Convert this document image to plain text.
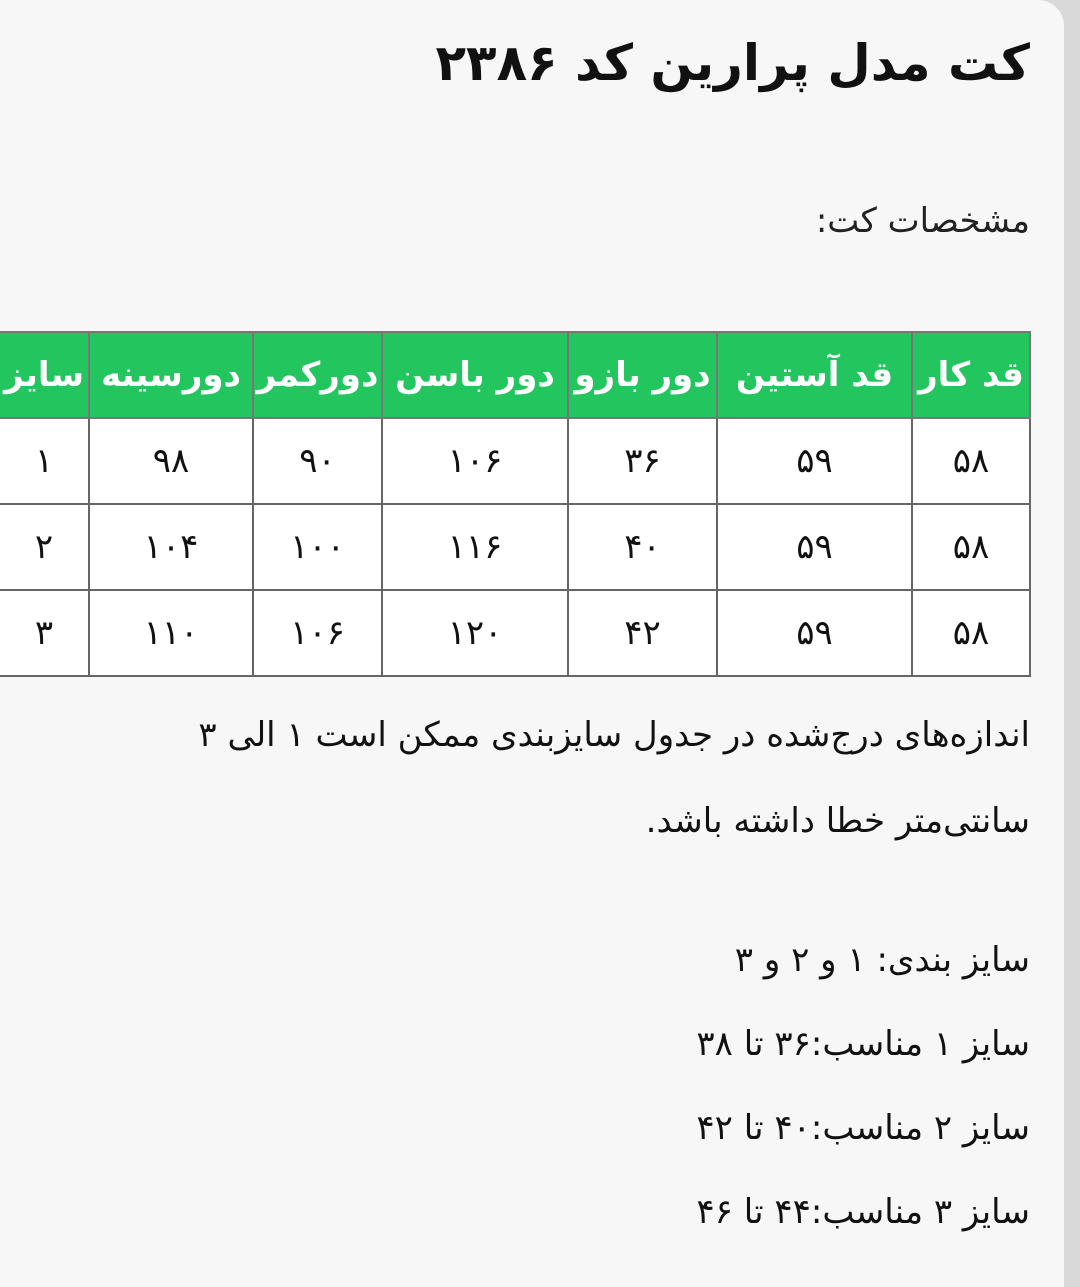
کت مدل پرارین کد ۲۳۸۶

مشخصات کت:

قد کار	قد آستین	دور بازو	دور باسن	دورکمر	دورسینه	سایز
۵۸	۵۹	۳۶	۱۰۶	۹۰	۹۸	۱
۵۸	۵۹	۴۰	۱۱۶	۱۰۰	۱۰۴	۲
۵۸	۵۹	۴۲	۱۲۰	۱۰۶	۱۱۰	۳

اندازه‌های درج‌شده در جدول سایزبندی ممکن است ۱ الی ۳
سانتی‌متر خطا داشته باشد.

سایز بندی: ۱ و ۲ و ۳
سایز ۱ مناسب:۳۶ تا ۳۸
سایز ۲ مناسب:۴۰ تا ۴۲
سایز ۳ مناسب:۴۴ تا ۴۶
